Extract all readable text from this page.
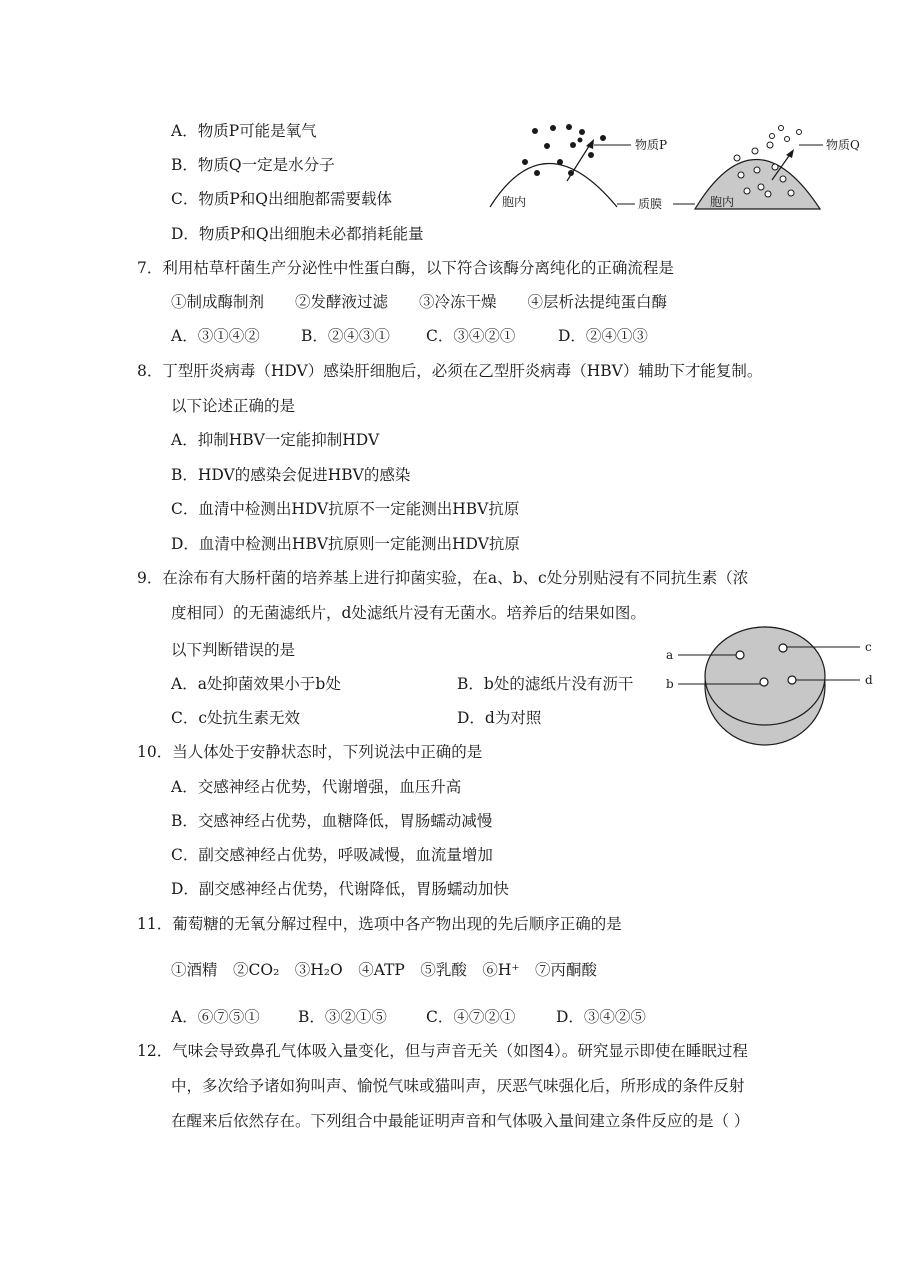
A．物质P可能是氧气
B．物质Q一定是水分子
C．物质P和Q出细胞都需要载体
D．物质P和Q出细胞未必都捎耗能量
物质P
胞内	质膜
物质Q
胞内
7．利用枯草杆菌生产分泌性中性蛋白酶，以下符合该酶分离纯化的正确流程是
①制成酶制剂　　②发酵液过滤　　③冷冻干燥　　④层析法提纯蛋白酶
A．③①④②	B．②④③① C．③④②①	D．②④①③
8．丁型肝炎病毒（HDV）感染肝细胞后，必须在乙型肝炎病毒（HBV）辅助下才能复制。
以下论述正确的是
A．抑制HBV一定能抑制HDV
B．HDV的感染会促进HBV的感染
C．血清中检测出HDV抗原不一定能测出HBV抗原
D．血清中检测出HBV抗原则一定能测出HDV抗原
9．在涂布有大肠杆菌的培养基上进行抑菌实验，在a、b、c处分别贴浸有不同抗生素（浓
度相同）的无菌滤纸片，d处滤纸片浸有无菌水。培养后的结果如图。
以下判断错误的是
A．a处抑菌效果小于b处	B．b处的滤纸片没有沥干
C．c处抗生素无效	D．d为对照
a
c
b	d
10．当人体处于安静状态时，下列说法中正确的是
A．交感神经占优势，代谢增强，血压升高
B．交感神经占优势，血糖降低，胃肠蠕动减慢
C．副交感神经占优势，呼吸减慢，血流量增加
D．副交感神经占优势，代谢降低，胃肠蠕动加快
11．葡萄糖的无氧分解过程中，选项中各产物出现的先后顺序正确的是
①酒精　②CO₂　③H₂O　④ATP　⑤乳酸　⑥H⁺　⑦丙酮酸
A．⑥⑦⑤① B．③②①⑤	C．④⑦②①	D．③④②⑤
12．气味会导致鼻孔气体吸入量变化，但与声音无关（如图4）。研究显示即使在睡眠过程
中，多次给予诸如狗叫声、愉悦气味或猫叫声，厌恶气味强化后，所形成的条件反射
在醒来后依然存在。下列组合中最能证明声音和气体吸入量间建立条件反应的是（ ）
